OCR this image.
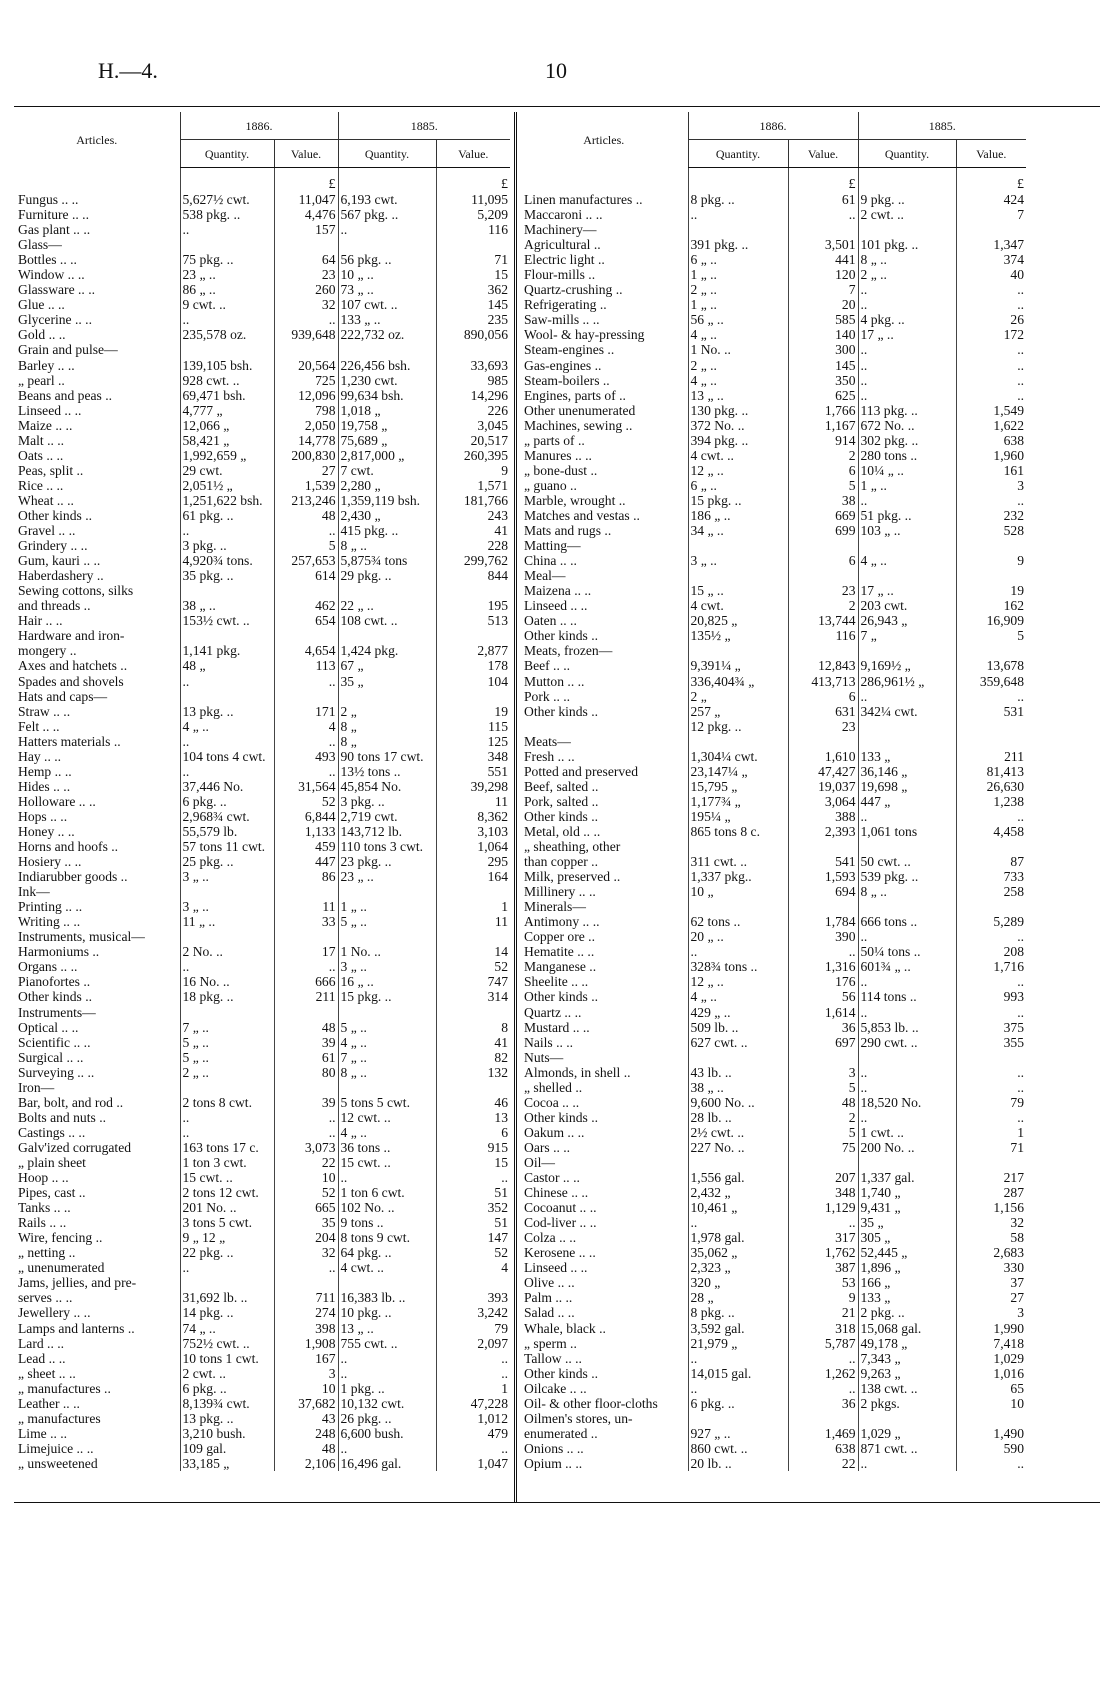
H.—4.	10
Articles.	1886.		1885.	
	Quantity.	Value.	Quantity.	Value.
		£		£
Fungus .. ..	5,627½ cwt.	11,047	6,193 cwt.	11,095
Furniture .. ..	538 pkg. ..	4,476	567 pkg. ..	5,209
Gas plant .. ..	..	157	..	116
Glass—				
Bottles .. ..	75 pkg. ..	64	56 pkg. ..	71
Window .. ..	23 „ ..	23	10 „ ..	15
Glassware .. ..	86 „ ..	260	73 „ ..	362
Glue .. ..	9 cwt. ..	32	107 cwt. ..	145
Glycerine .. ..	..	..	133 „ ..	235
Gold .. ..	235,578 oz.	939,648	222,732 oz.	890,056
Grain and pulse—				
Barley .. ..	139,105 bsh.	20,564	226,456 bsh.	33,693
„ pearl ..	928 cwt. ..	725	1,230 cwt.	985
Beans and peas ..	69,471 bsh.	12,096	99,634 bsh.	14,296
Linseed .. ..	4,777 „	798	1,018 „	226
Maize .. ..	12,066 „	2,050	19,758 „	3,045
Malt .. ..	58,421 „	14,778	75,689 „	20,517
Oats .. ..	1,992,659 „	200,830	2,817,000 „	260,395
Peas, split ..	29 cwt.	27	7 cwt.	9
Rice .. ..	2,051½ „	1,539	2,280 „	1,571
Wheat .. ..	1,251,622 bsh.	213,246	1,359,119 bsh.	181,766
Other kinds ..	61 pkg. ..	48	2,430 „	243
Gravel .. ..	..	..	415 pkg. ..	41
Grindery .. ..	3 pkg. ..	5	8 „ ..	228
Gum, kauri .. ..	4,920¾ tons.	257,653	5,875¾ tons	299,762
Haberdashery ..	35 pkg. ..	614	29 pkg. ..	844
Sewing cottons, silks				
and threads ..	38 „ ..	462	22 „ ..	195
Hair .. ..	153½ cwt. ..	654	108 cwt. ..	513
Hardware and iron-				
mongery ..	1,141 pkg.	4,654	1,424 pkg.	2,877
Axes and hatchets ..	48 „	113	67 „	178
Spades and shovels	..	..	35 „	104
Hats and caps—				
Straw .. ..	13 pkg. ..	171	2 „	19
Felt .. ..	4 „ ..	4	8 „	115
Hatters materials ..	..	..	8 „	125
Hay .. ..	104 tons 4 cwt.	493	90 tons 17 cwt.	348
Hemp .. ..	..	..	13½ tons ..	551
Hides .. ..	37,446 No.	31,564	45,854 No.	39,298
Holloware .. ..	6 pkg. ..	52	3 pkg. ..	11
Hops .. ..	2,968¾ cwt.	6,844	2,719 cwt.	8,362
Honey .. ..	55,579 lb.	1,133	143,712 lb.	3,103
Horns and hoofs ..	57 tons 11 cwt.	459	110 tons 3 cwt.	1,064
Hosiery .. ..	25 pkg. ..	447	23 pkg. ..	295
Indiarubber goods ..	3 „ ..	86	23 „ ..	164
Ink—				
Printing .. ..	3 „ ..	11	1 „ ..	1
Writing .. ..	11 „ ..	33	5 „ ..	11
Instruments, musical—				
Harmoniums ..	2 No. ..	17	1 No. ..	14
Organs .. ..	..	..	3 „ ..	52
Pianofortes ..	16 No. ..	666	16 „ ..	747
Other kinds ..	18 pkg. ..	211	15 pkg. ..	314
Instruments—				
Optical .. ..	7 „ ..	48	5 „ ..	8
Scientific .. ..	5 „ ..	39	4 „ ..	41
Surgical .. ..	5 „ ..	61	7 „ ..	82
Surveying .. ..	2 „ ..	80	8 „ ..	132
Iron—				
Bar, bolt, and rod ..	2 tons 8 cwt.	39	5 tons 5 cwt.	46
Bolts and nuts ..	..	..	12 cwt. ..	13
Castings .. ..	..	..	4 „ ..	6
Galv'ized corrugated	163 tons 17 c.	3,073	36 tons ..	915
„ plain sheet	1 ton 3 cwt.	22	15 cwt. ..	15
Hoop .. ..	15 cwt. ..	10	..	..
Pipes, cast ..	2 tons 12 cwt.	52	1 ton 6 cwt.	51
Tanks .. ..	201 No. ..	665	102 No. ..	352
Rails .. ..	3 tons 5 cwt.	35	9 tons ..	51
Wire, fencing ..	9 „ 12 „	204	8 tons 9 cwt.	147
„ netting ..	22 pkg. ..	32	64 pkg. ..	52
„ unenumerated	..	..	4 cwt. ..	4
Jams, jellies, and pre-				
serves .. ..	31,692 lb. ..	711	16,383 lb. ..	393
Jewellery .. ..	14 pkg. ..	274	10 pkg. ..	3,242
Lamps and lanterns ..	74 „ ..	398	13 „ ..	79
Lard .. ..	752½ cwt. ..	1,908	755 cwt. ..	2,097
Lead .. ..	10 tons 1 cwt.	167	..	..
„ sheet .. ..	2 cwt. ..	3	..	..
„ manufactures ..	6 pkg. ..	10	1 pkg. ..	1
Leather .. ..	8,139¾ cwt.	37,682	10,132 cwt.	47,228
„ manufactures	13 pkg. ..	43	26 pkg. ..	1,012
Lime .. ..	3,210 bush.	248	6,600 bush.	479
Limejuice .. ..	109 gal.	48	..	..
„ unsweetened	33,185 „	2,106	16,496 gal.	1,047
Articles.	1886.		1885.	
	Quantity.	Value.	Quantity.	Value.
		£		£
Linen manufactures ..	8 pkg. ..	61	9 pkg. ..	424
Maccaroni .. ..	..	..	2 cwt. ..	7
Machinery—				
Agricultural ..	391 pkg. ..	3,501	101 pkg. ..	1,347
Electric light ..	6 „ ..	441	8 „ ..	374
Flour-mills ..	1 „ ..	120	2 „ ..	40
Quartz-crushing ..	2 „ ..	7	..	..
Refrigerating ..	1 „ ..	20	..	..
Saw-mills .. ..	56 „ ..	585	4 pkg. ..	26
Wool- & hay-pressing	4 „ ..	140	17 „ ..	172
Steam-engines ..	1 No. ..	300	..	..
Gas-engines ..	2 „ ..	145	..	..
Steam-boilers ..	4 „ ..	350	..	..
Engines, parts of ..	13 „ ..	625	..	..
Other unenumerated	130 pkg. ..	1,766	113 pkg. ..	1,549
Machines, sewing ..	372 No. ..	1,167	672 No. ..	1,622
„ parts of ..	394 pkg. ..	914	302 pkg. ..	638
Manures .. ..	4 cwt. ..	2	280 tons ..	1,960
„ bone-dust ..	12 „ ..	6	10¼ „ ..	161
„ guano ..	6 „ ..	5	1 „ ..	3
Marble, wrought ..	15 pkg. ..	38	..	..
Matches and vestas ..	186 „ ..	669	51 pkg. ..	232
Mats and rugs ..	34 „ ..	699	103 „ ..	528
Matting—				
China .. ..	3 „ ..	6	4 „ ..	9
Meal—				
Maizena .. ..	15 „ ..	23	17 „ ..	19
Linseed .. ..	4 cwt.	2	203 cwt.	162
Oaten .. ..	20,825 „	13,744	26,943 „	16,909
Other kinds ..	135½ „	116	7 „	5
Meats, frozen—				
Beef .. ..	9,391¼ „	12,843	9,169½ „	13,678
Mutton .. ..	336,404¾ „	413,713	286,961½ „	359,648
Pork .. ..	2 „	6	..	..
Other kinds ..	257 „	631	342¼ cwt.	531
	12 pkg. ..	23		
Meats—				
Fresh .. ..	1,304¼ cwt.	1,610	133 „	211
Potted and preserved	23,147¼ „	47,427	36,146 „	81,413
Beef, salted ..	15,795 „	19,037	19,698 „	26,630
Pork, salted ..	1,177¾ „	3,064	447 „	1,238
Other kinds ..	195¼ „	388	..	..
Metal, old .. ..	865 tons 8 c.	2,393	1,061 tons	4,458
„ sheathing, other				
than copper ..	311 cwt. ..	541	50 cwt. ..	87
Milk, preserved ..	1,337 pkg..	1,593	539 pkg. ..	733
Millinery .. ..	10 „	694	8 „ ..	258
Minerals—				
Antimony .. ..	62 tons ..	1,784	666 tons ..	5,289
Copper ore ..	20 „ ..	390	..	..
Hematite .. ..	..	..	50¼ tons ..	208
Manganese ..	328¾ tons ..	1,316	601¾ „ ..	1,716
Sheelite .. ..	12 „ ..	176	..	..
Other kinds ..	4 „ ..	56	114 tons ..	993
Quartz .. ..	429 „ ..	1,614	..	..
Mustard .. ..	509 lb. ..	36	5,853 lb. ..	375
Nails .. ..	627 cwt. ..	697	290 cwt. ..	355
Nuts—				
Almonds, in shell ..	43 lb. ..	3	..	..
„ shelled ..	38 „ ..	5	..	..
Cocoa .. ..	9,600 No. ..	48	18,520 No.	79
Other kinds ..	28 lb. ..	2	..	..
Oakum .. ..	2½ cwt. ..	5	1 cwt. ..	1
Oars .. ..	227 No. ..	75	200 No. ..	71
Oil—				
Castor .. ..	1,556 gal.	207	1,337 gal.	217
Chinese .. ..	2,432 „	348	1,740 „	287
Cocoanut .. ..	10,461 „	1,129	9,431 „	1,156
Cod-liver .. ..	..	..	35 „	32
Colza .. ..	1,978 gal.	317	305 „	58
Kerosene .. ..	35,062 „	1,762	52,445 „	2,683
Linseed .. ..	2,323 „	387	1,896 „	330
Olive .. ..	320 „	53	166 „	37
Palm .. ..	28 „	9	133 „	27
Salad .. ..	8 pkg. ..	21	2 pkg. ..	3
Whale, black ..	3,592 gal.	318	15,068 gal.	1,990
„ sperm ..	21,979 „	5,787	49,178 „	7,418
Tallow .. ..	..	..	7,343 „	1,029
Other kinds ..	14,015 gal.	1,262	9,263 „	1,016
Oilcake .. ..	..	..	138 cwt. ..	65
Oil- & other floor-cloths	6 pkg. ..	36	2 pkgs.	10
Oilmen's stores, un-				
enumerated ..	927 „ ..	1,469	1,029 „	1,490
Onions .. ..	860 cwt. ..	638	871 cwt. ..	590
Opium .. ..	20 lb. ..	22	..	..
